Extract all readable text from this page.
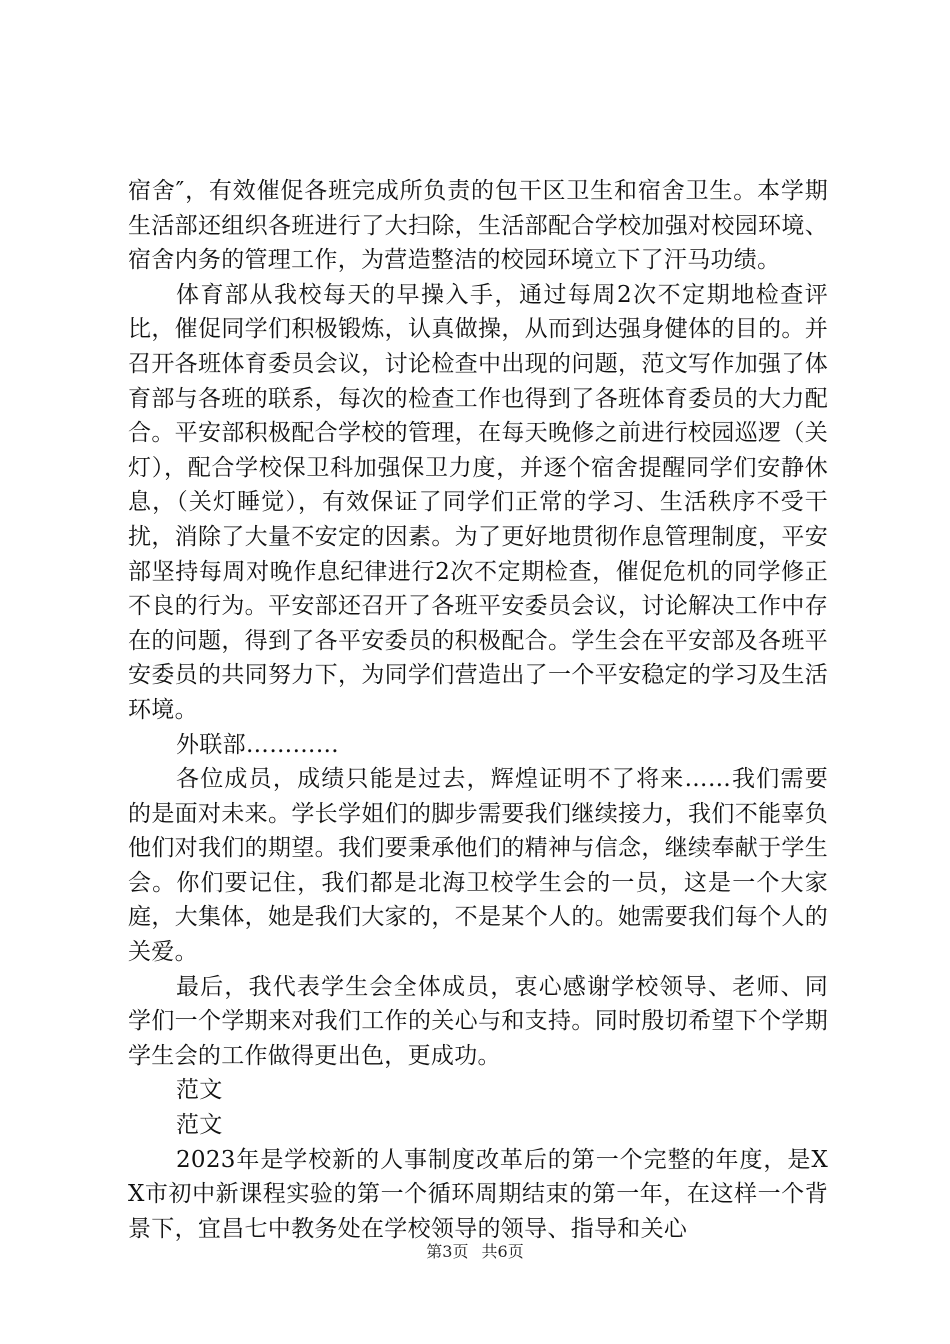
宿舍″，有效催促各班完成所负责的包干区卫生和宿舍卫生。本学期生活部还组织各班进行了大扫除，生活部配合学校加强对校园环境、宿舍内务的管理工作，为营造整洁的校园环境立下了汗马功绩。

体育部从我校每天的早操入手，通过每周2次不定期地检查评比，催促同学们积极锻炼，认真做操，从而到达强身健体的目的。并召开各班体育委员会议，讨论检查中出现的问题，范文写作加强了体育部与各班的联系，每次的检查工作也得到了各班体育委员的大力配合。平安部积极配合学校的管理，在每天晚修之前进行校园巡逻（关灯），配合学校保卫科加强保卫力度，并逐个宿舍提醒同学们安静休息，（关灯睡觉），有效保证了同学们正常的学习、生活秩序不受干扰，消除了大量不安定的因素。为了更好地贯彻作息管理制度，平安部坚持每周对晚作息纪律进行2次不定期检查，催促危机的同学修正不良的行为。平安部还召开了各班平安委员会议，讨论解决工作中存在的问题，得到了各平安委员的积极配合。学生会在平安部及各班平安委员的共同努力下，为同学们营造出了一个平安稳定的学习及生活环境。

外联部…………

各位成员，成绩只能是过去，辉煌证明不了将来……我们需要的是面对未来。学长学姐们的脚步需要我们继续接力，我们不能辜负他们对我们的期望。我们要秉承他们的精神与信念，继续奉献于学生会。你们要记住，我们都是北海卫校学生会的一员，这是一个大家庭，大集体，她是我们大家的，不是某个人的。她需要我们每个人的关爱。

最后，我代表学生会全体成员，衷心感谢学校领导、老师、同学们一个学期来对我们工作的关心与和支持。同时殷切希望下个学期学生会的工作做得更出色，更成功。

范文

范文

2023年是学校新的人事制度改革后的第一个完整的年度，是XX市初中新课程实验的第一个循环周期结束的第一年，在这样一个背景下，宜昌七中教务处在学校领导的领导、指导和关心

第3页 共6页
